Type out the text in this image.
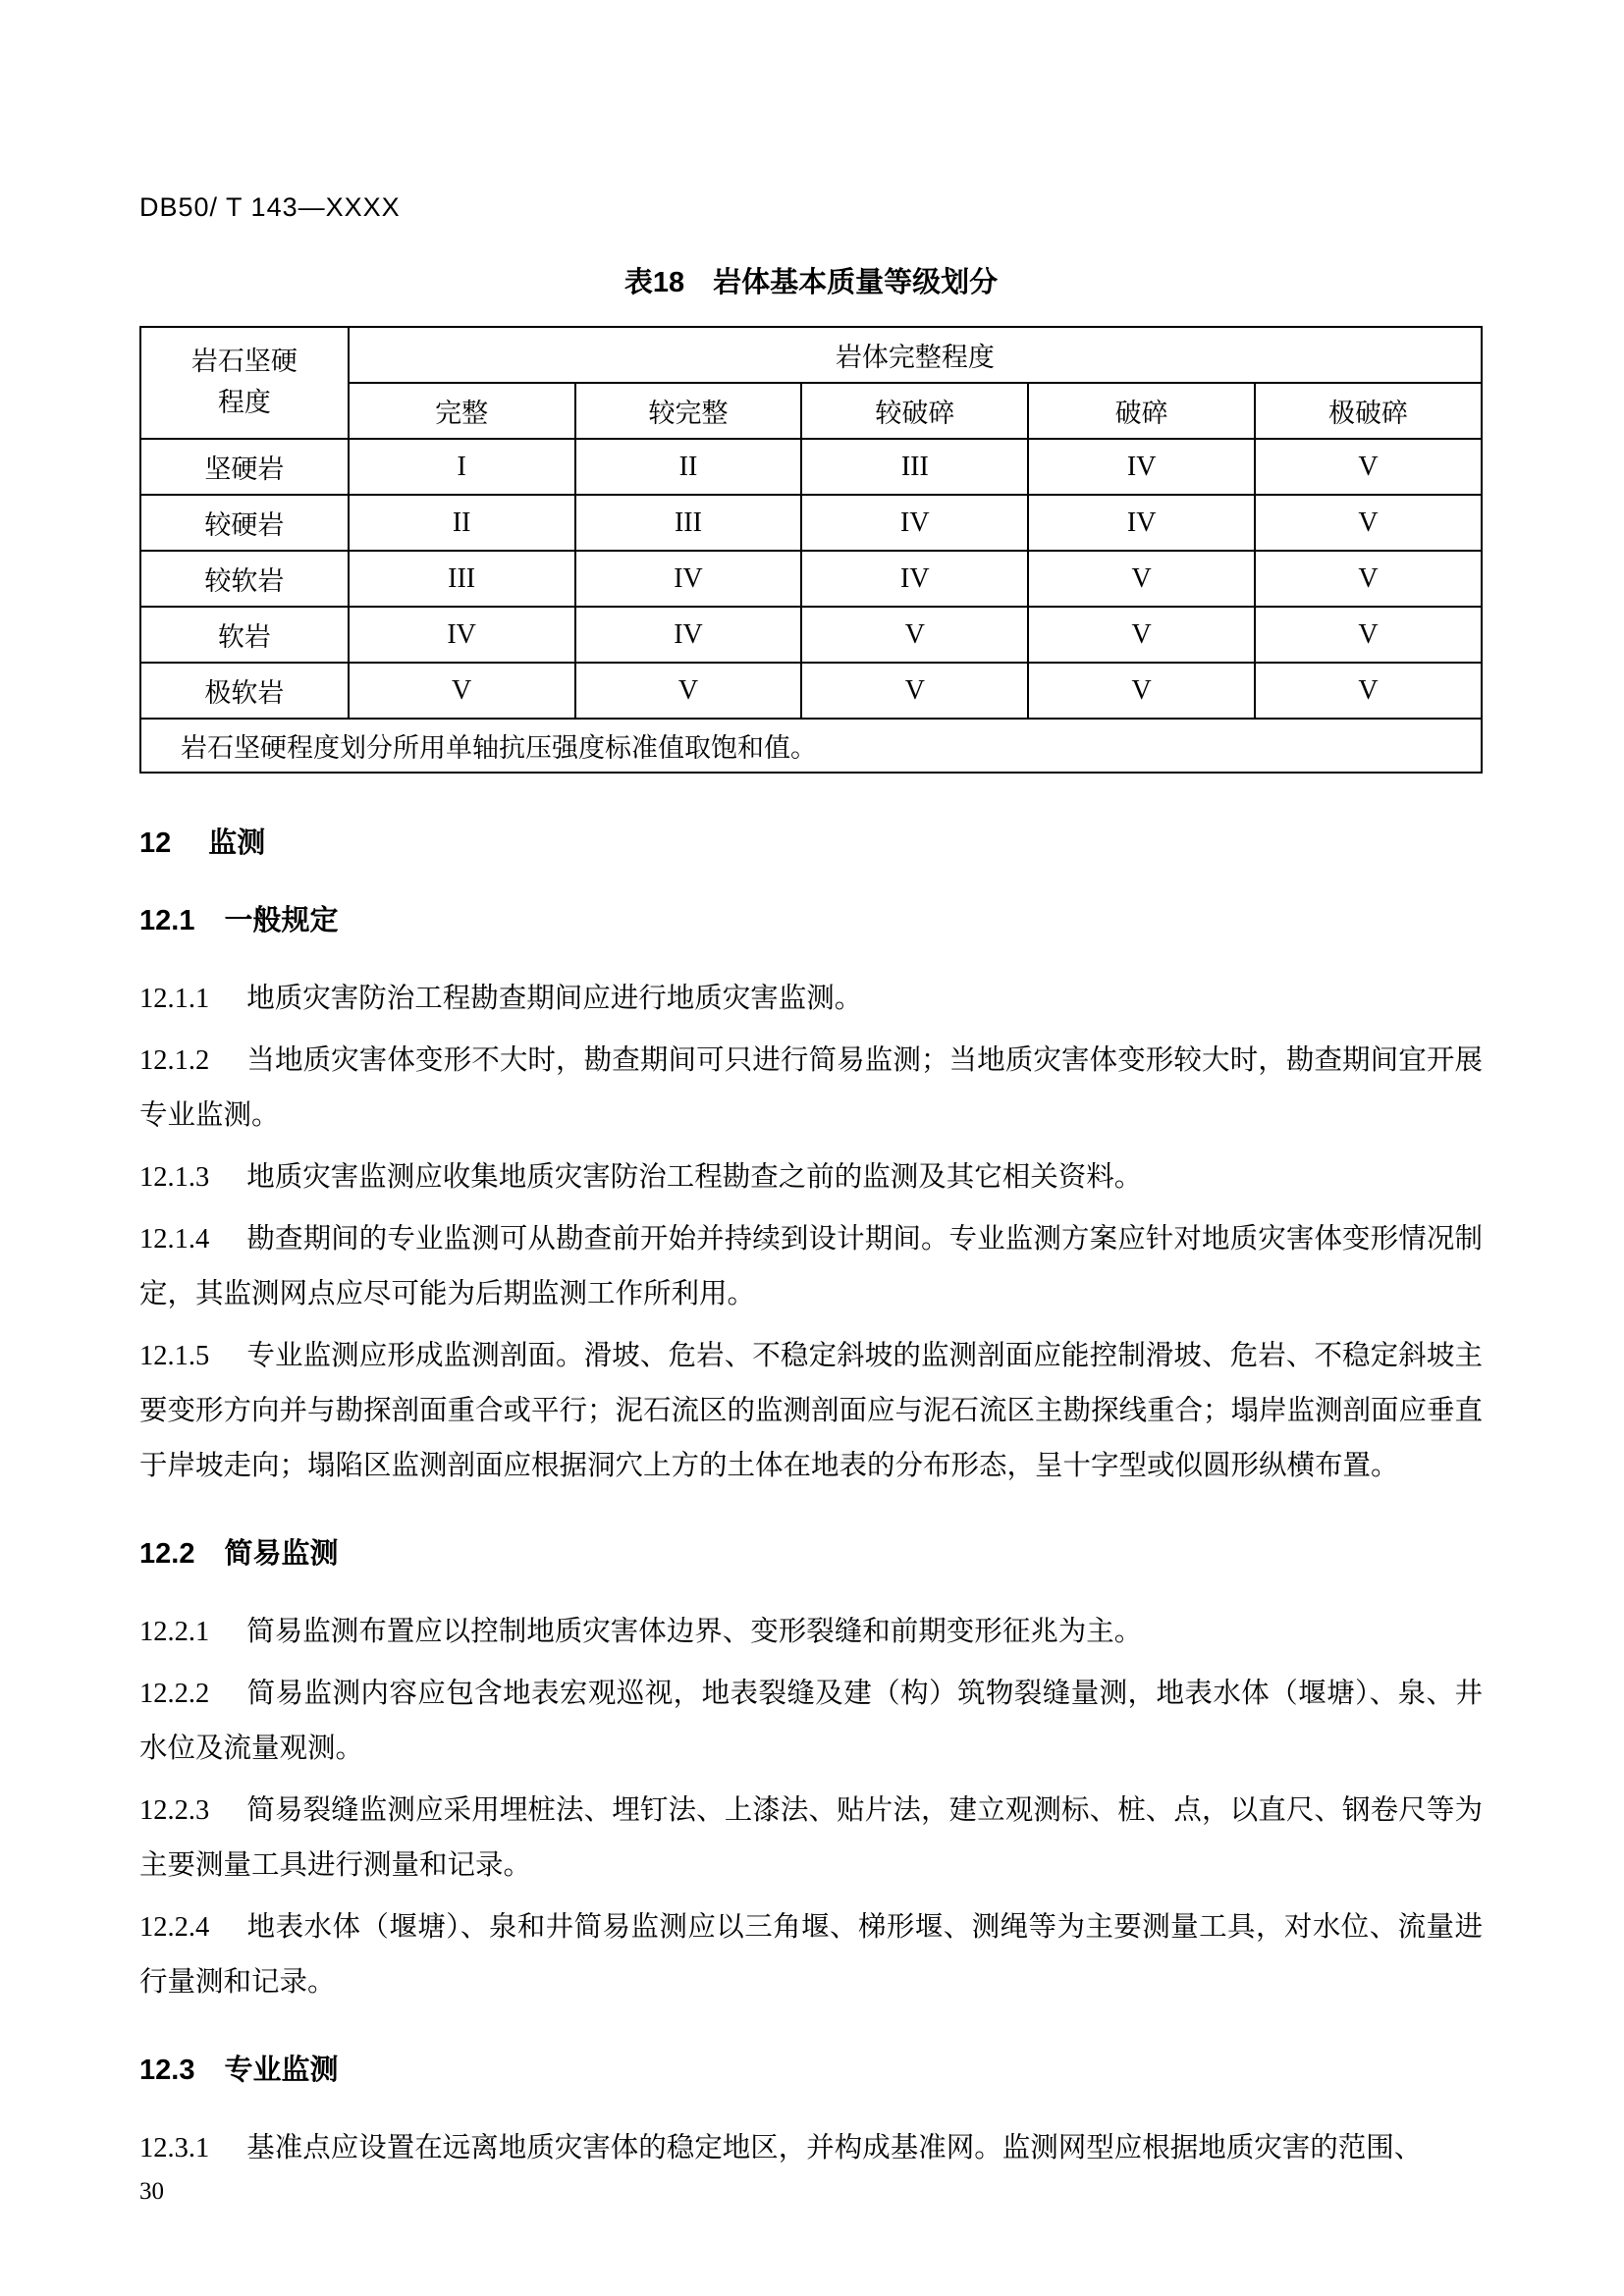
DB50/ T 143—XXXX
表18　岩体基本质量等级划分
岩石坚硬
程度	岩体完整程度				
	完整	较完整	较破碎	破碎	极破碎
坚硬岩	I	II	III	IV	V
较硬岩	II	III	IV	IV	V
较软岩	III	IV	IV	V	V
软岩	IV	IV	V	V	V
极软岩	V	V	V	V	V
岩石坚硬程度划分所用单轴抗压强度标准值取饱和值。					
12 监测
12.1 一般规定
12.1.1 地质灾害防治工程勘查期间应进行地质灾害监测。
12.1.2 当地质灾害体变形不大时，勘查期间可只进行简易监测；当地质灾害体变形较大时，勘查期间宜开展专业监测。
12.1.3 地质灾害监测应收集地质灾害防治工程勘查之前的监测及其它相关资料。
12.1.4 勘查期间的专业监测可从勘查前开始并持续到设计期间。专业监测方案应针对地质灾害体变形情况制定，其监测网点应尽可能为后期监测工作所利用。
12.1.5 专业监测应形成监测剖面。滑坡、危岩、不稳定斜坡的监测剖面应能控制滑坡、危岩、不稳定斜坡主要变形方向并与勘探剖面重合或平行；泥石流区的监测剖面应与泥石流区主勘探线重合；塌岸监测剖面应垂直于岸坡走向；塌陷区监测剖面应根据洞穴上方的土体在地表的分布形态，呈十字型或似圆形纵横布置。
12.2 简易监测
12.2.1 简易监测布置应以控制地质灾害体边界、变形裂缝和前期变形征兆为主。
12.2.2 简易监测内容应包含地表宏观巡视，地表裂缝及建（构）筑物裂缝量测，地表水体（堰塘）、泉、井水位及流量观测。
12.2.3 简易裂缝监测应采用埋桩法、埋钉法、上漆法、贴片法，建立观测标、桩、点，以直尺、钢卷尺等为主要测量工具进行测量和记录。
12.2.4 地表水体（堰塘）、泉和井简易监测应以三角堰、梯形堰、测绳等为主要测量工具，对水位、流量进行量测和记录。
12.3 专业监测
12.3.1 基准点应设置在远离地质灾害体的稳定地区，并构成基准网。监测网型应根据地质灾害的范围、
30
